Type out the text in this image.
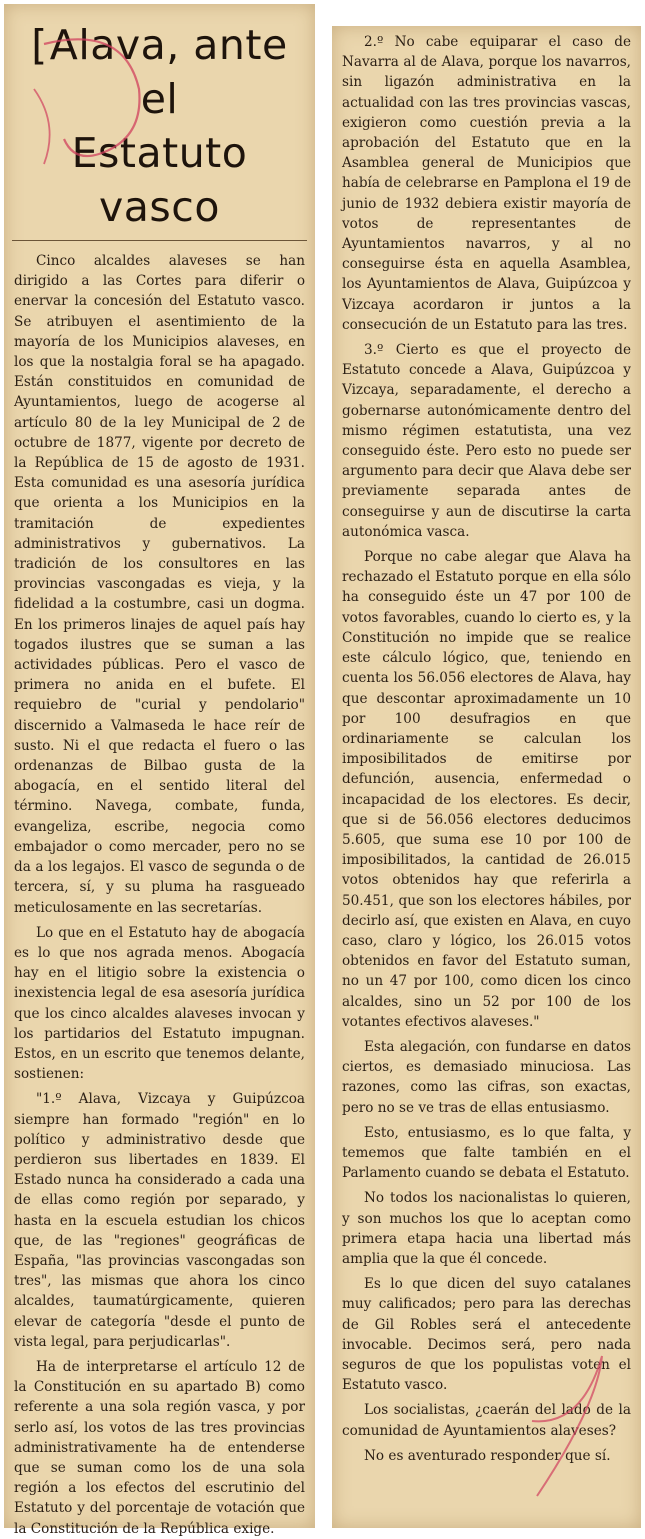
[Alava, ante el
Estatuto
vasco

Cinco alcaldes alaveses se han dirigido a las Cortes para diferir o enervar la concesión del Estatuto vasco. Se atribuyen el asentimiento de la mayoría de los Municipios alaveses, en los que la nostalgia foral se ha apagado. Están constituidos en comunidad de Ayuntamientos, luego de acogerse al artículo 80 de la ley Municipal de 2 de octubre de 1877, vigente por decreto de la República de 15 de agosto de 1931. Esta comunidad es una asesoría jurídica que orienta a los Municipios en la tramitación de expedientes administrativos y gubernativos. La tradición de los consultores en las provincias vascongadas es vieja, y la fidelidad a la costumbre, casi un dogma. En los primeros linajes de aquel país hay togados ilustres que se suman a las actividades públicas. Pero el vasco de primera no anida en el bufete. El requiebro de "curial y pendolario" discernido a Valmaseda le hace reír de susto. Ni el que redacta el fuero o las ordenanzas de Bilbao gusta de la abogacía, en el sentido literal del término. Navega, combate, funda, evangeliza, escribe, negocia como embajador o como mercader, pero no se da a los legajos. El vasco de segunda o de tercera, sí, y su pluma ha rasgueado meticulosamente en las secretarías.

Lo que en el Estatuto hay de abogacía es lo que nos agrada menos. Abogacía hay en el litigio sobre la existencia o inexistencia legal de esa asesoría jurídica que los cinco alcaldes alaveses invocan y los partidarios del Estatuto impugnan. Estos, en un escrito que tenemos delante, sostienen:

"1.º Alava, Vizcaya y Guipúzcoa siempre han formado "región" en lo político y administrativo desde que perdieron sus libertades en 1839. El Estado nunca ha considerado a cada una de ellas como región por separado, y hasta en la escuela estudian los chicos que, de las "regiones" geográficas de España, "las provincias vascongadas son tres", las mismas que ahora los cinco alcaldes, taumatúrgicamente, quieren elevar de categoría "desde el punto de vista legal, para perjudicarlas".

Ha de interpretarse el artículo 12 de la Constitución en su apartado B) como referente a una sola región vasca, y por serlo así, los votos de las tres provincias administrativamente ha de entenderse que se suman como los de una sola región a los efectos del escrutinio del Estatuto y del porcentaje de votación que la Constitución de la República exige.

2.º No cabe equiparar el caso de Navarra al de Alava, porque los navarros, sin ligazón administrativa en la actualidad con las tres provincias vascas, exigieron como cuestión previa a la aprobación del Estatuto que en la Asamblea general de Municipios que había de celebrarse en Pamplona el 19 de junio de 1932 debiera existir mayoría de votos de representantes de Ayuntamientos navarros, y al no conseguirse ésta en aquella Asamblea, los Ayuntamientos de Alava, Guipúzcoa y Vizcaya acordaron ir juntos a la consecución de un Estatuto para las tres.

3.º Cierto es que el proyecto de Estatuto concede a Alava, Guipúzcoa y Vizcaya, separadamente, el derecho a gobernarse autonómicamente dentro del mismo régimen estatutista, una vez conseguido éste. Pero esto no puede ser argumento para decir que Alava debe ser previamente separada antes de conseguirse y aun de discutirse la carta autonómica vasca.

Porque no cabe alegar que Alava ha rechazado el Estatuto porque en ella sólo ha conseguido éste un 47 por 100 de votos favorables, cuando lo cierto es, y la Constitución no impide que se realice este cálculo lógico, que, teniendo en cuenta los 56.056 electores de Alava, hay que descontar aproximadamente un 10 por 100 desufragios en que ordinariamente se calculan los imposibilitados de emitirse por defunción, ausencia, enfermedad o incapacidad de los electores. Es decir, que si de 56.056 electores deducimos 5.605, que suma ese 10 por 100 de imposibilitados, la cantidad de 26.015 votos obtenidos hay que referirla a 50.451, que son los electores hábiles, por decirlo así, que existen en Alava, en cuyo caso, claro y lógico, los 26.015 votos obtenidos en favor del Estatuto suman, no un 47 por 100, como dicen los cinco alcaldes, sino un 52 por 100 de los votantes efectivos alaveses."

Esta alegación, con fundarse en datos ciertos, es demasiado minuciosa. Las razones, como las cifras, son exactas, pero no se ve tras de ellas entusiasmo.

Esto, entusiasmo, es lo que falta, y tememos que falte también en el Parlamento cuando se debata el Estatuto.

No todos los nacionalistas lo quieren, y son muchos los que lo aceptan como primera etapa hacia una libertad más amplia que la que él concede.

Es lo que dicen del suyo catalanes muy calificados; pero para las derechas de Gil Robles será el antecedente invocable. Decimos será, pero nada seguros de que los populistas voten el Estatuto vasco.

Los socialistas, ¿caerán del lado de la comunidad de Ayuntamientos alaveses?

No es aventurado responder que sí.
